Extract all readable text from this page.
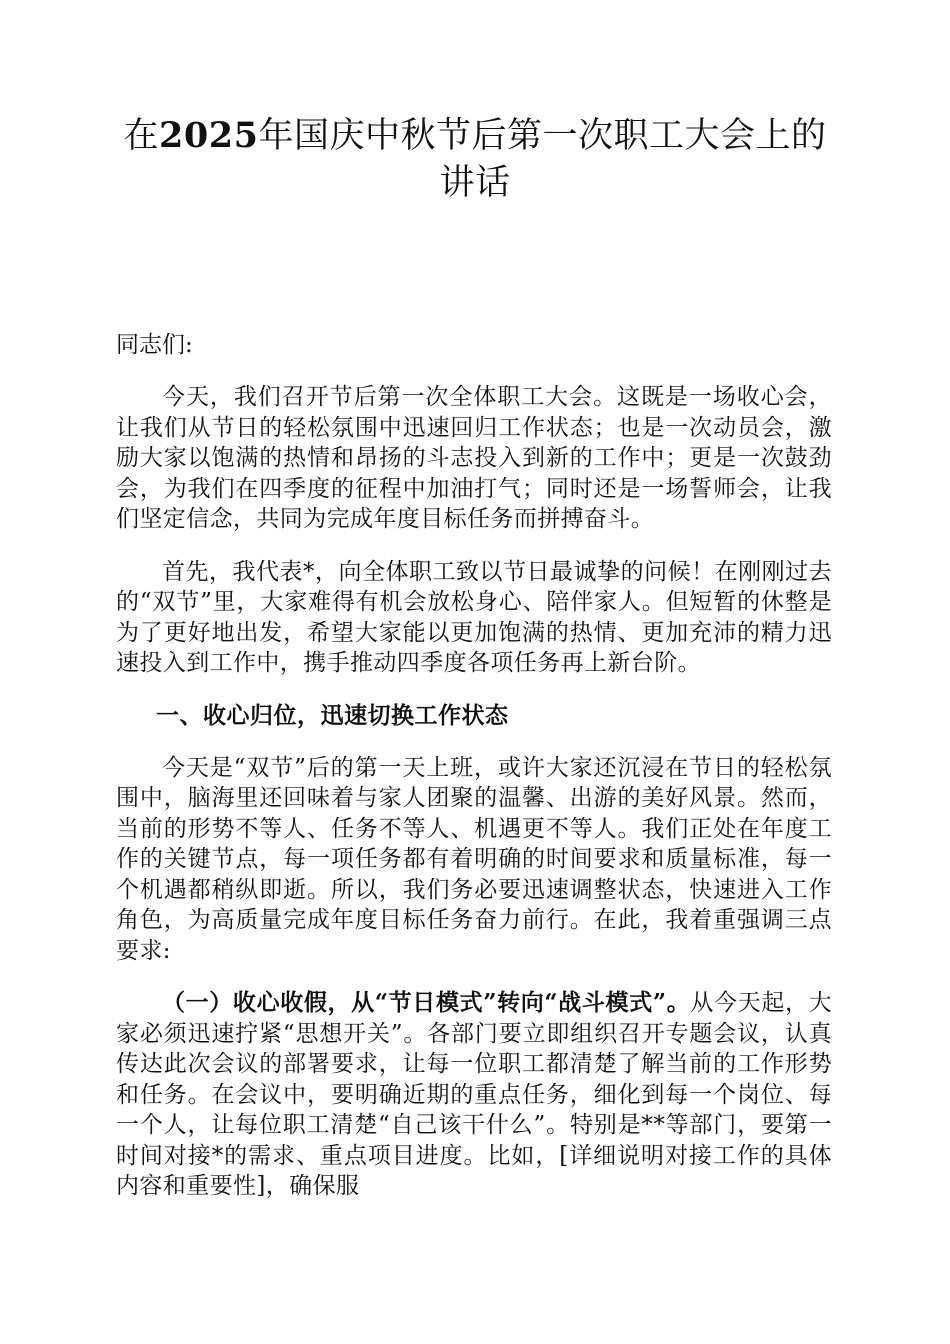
在2025年国庆中秋节后第一次职工大会上的讲话

同志们:

今天，我们召开节后第一次全体职工大会。这既是一场收心会，让我们从节日的轻松氛围中迅速回归工作状态；也是一次动员会，激励大家以饱满的热情和昂扬的斗志投入到新的工作中；更是一次鼓劲会，为我们在四季度的征程中加油打气；同时还是一场誓师会，让我们坚定信念，共同为完成年度目标任务而拼搏奋斗。

首先，我代表*，向全体职工致以节日最诚挚的问候！在刚刚过去的“双节”里，大家难得有机会放松身心、陪伴家人。但短暂的休整是为了更好地出发，希望大家能以更加饱满的热情、更加充沛的精力迅速投入到工作中，携手推动四季度各项任务再上新台阶。

一、收心归位，迅速切换工作状态

今天是“双节”后的第一天上班，或许大家还沉浸在节日的轻松氛围中，脑海里还回味着与家人团聚的温馨、出游的美好风景。然而，当前的形势不等人、任务不等人、机遇更不等人。我们正处在年度工作的关键节点，每一项任务都有着明确的时间要求和质量标准，每一个机遇都稍纵即逝。所以，我们务必要迅速调整状态，快速进入工作角色，为高质量完成年度目标任务奋力前行。在此，我着重强调三点要求:

（一）收心收假，从“节日模式”转向“战斗模式”。从今天起，大家必须迅速拧紧“思想开关”。各部门要立即组织召开专题会议，认真传达此次会议的部署要求，让每一位职工都清楚了解当前的工作形势和任务。在会议中，要明确近期的重点任务，细化到每一个岗位、每一个人，让每位职工清楚“自己该干什么”。特别是**等部门，要第一时间对接*的需求、重点项目进度。比如，[详细说明对接工作的具体内容和重要性]，确保服
